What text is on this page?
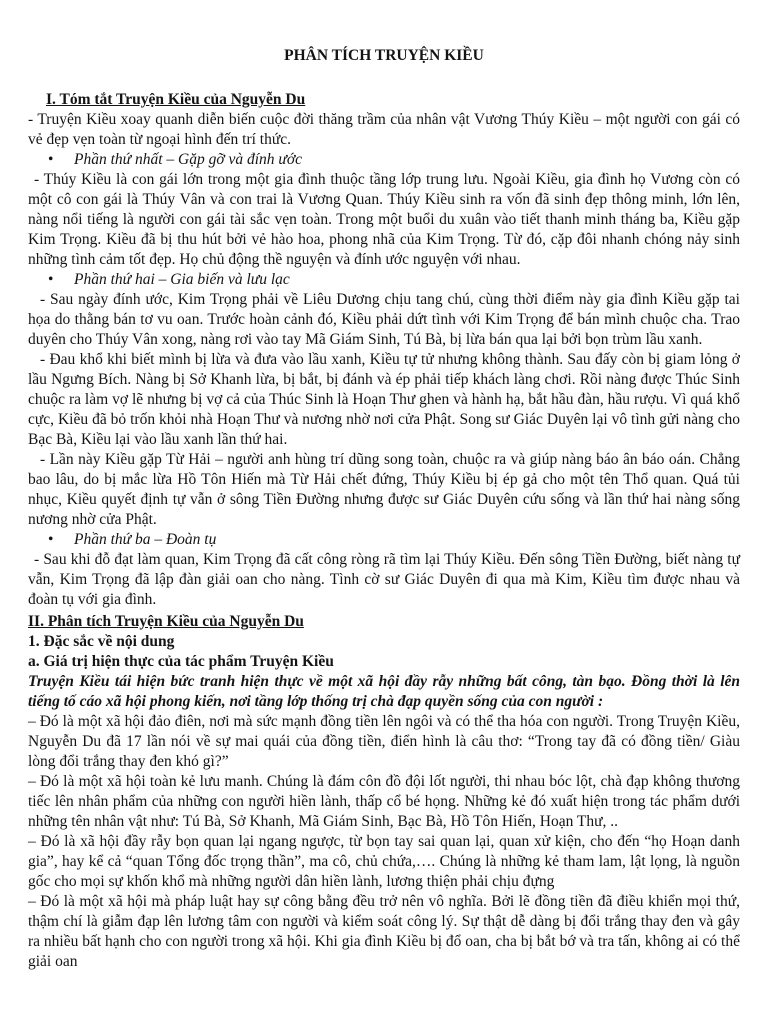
PHÂN TÍCH TRUYỆN KIỀU

I. Tóm tắt Truyện Kiều của Nguyễn Du

- Truyện Kiều xoay quanh diễn biến cuộc đời thăng trầm của nhân vật Vương Thúy Kiều – một người con gái có vẻ đẹp vẹn toàn từ ngoại hình đến trí thức.

•	Phần thứ nhất – Gặp gỡ và đính ước

- Thúy Kiều là con gái lớn trong một gia đình thuộc tầng lớp trung lưu. Ngoài Kiều, gia đình họ Vương còn có một cô con gái là Thúy Vân và con trai là Vương Quan. Thúy Kiều sinh ra vốn đã sinh đẹp thông minh, lớn lên, nàng nổi tiếng là người con gái tài sắc vẹn toàn. Trong một buổi du xuân vào tiết thanh minh tháng ba, Kiều gặp Kim Trọng. Kiều đã bị thu hút bởi vẻ hào hoa, phong nhã của Kim Trọng. Từ đó, cặp đôi nhanh chóng nảy sinh những tình cảm tốt đẹp. Họ chủ động thề nguyện và đính ước nguyện với nhau.

•	Phần thứ hai – Gia biến và lưu lạc

- Sau ngày đính ước, Kim Trọng phải về Liêu Dương chịu tang chú, cùng thời điểm này gia đình Kiều gặp tai họa do thằng bán tơ vu oan. Trước hoàn cảnh đó, Kiều phải dứt tình với Kim Trọng để bán mình chuộc cha. Trao duyên cho Thúy Vân xong, nàng rơi vào tay Mã Giám Sinh, Tú Bà, bị lừa bán qua lại bởi bọn trùm lầu xanh.

- Đau khổ khi biết mình bị lừa và đưa vào lầu xanh, Kiều tự tử nhưng không thành. Sau đấy còn bị giam lỏng ở lầu Ngưng Bích. Nàng bị Sở Khanh lừa, bị bắt, bị đánh và ép phải tiếp khách làng chơi. Rồi nàng được Thúc Sinh chuộc ra làm vợ lẽ nhưng bị vợ cả của Thúc Sinh là Hoạn Thư ghen và hành hạ, bắt hầu đàn, hầu rượu. Vì quá khổ cực, Kiều đã bỏ trốn khỏi nhà Hoạn Thư và nương nhờ nơi cửa Phật. Song sư Giác Duyên lại vô tình gửi nàng cho Bạc Bà, Kiều lại vào lầu xanh lần thứ hai.

- Lần này Kiều gặp Từ Hải – người anh hùng trí dũng song toàn, chuộc ra và giúp nàng báo ân báo oán. Chẳng bao lâu, do bị mắc lừa Hồ Tôn Hiến mà Từ Hải chết đứng, Thúy Kiều bị ép gả cho một tên Thổ quan. Quá tủi nhục, Kiều quyết định tự vẫn ở sông Tiền Đường nhưng được sư Giác Duyên cứu sống và lần thứ hai nàng sống nương nhờ cửa Phật.

•	Phần thứ ba – Đoàn tụ

- Sau khi đỗ đạt làm quan, Kim Trọng đã cất công ròng rã tìm lại Thúy Kiều. Đến sông Tiền Đường, biết nàng tự vẫn, Kim Trọng đã lập đàn giải oan cho nàng. Tình cờ sư Giác Duyên đi qua mà Kim, Kiều tìm được nhau và đoàn tụ với gia đình.

II. Phân tích Truyện Kiều của Nguyễn Du

1. Đặc sắc về nội dung

a. Giá trị hiện thực của tác phẩm Truyện Kiều

Truyện Kiều tái hiện bức tranh hiện thực về một xã hội đầy rẫy những bất công, tàn bạo. Đồng thời là lên tiếng tố cáo xã hội phong kiến, nơi tầng lớp thống trị chà đạp quyền sống của con người :

– Đó là một xã hội đảo điên, nơi mà sức mạnh đồng tiền lên ngôi và có thể tha hóa con người. Trong Truyện Kiều, Nguyễn Du đã 17 lần nói về sự mai quái của đồng tiền, điển hình là câu thơ: “Trong tay đã có đồng tiền/ Giàu lòng đổi trắng thay đen khó gì?”

– Đó là một xã hội toàn kẻ lưu manh. Chúng là đám côn đồ đội lốt người, thi nhau bóc lột, chà đạp không thương tiếc lên nhân phẩm của những con người hiền lành, thấp cổ bé họng. Những kẻ đó xuất hiện trong tác phẩm dưới những tên nhân vật như: Tú Bà, Sở Khanh, Mã Giám Sinh, Bạc Bà, Hồ Tôn Hiến, Hoạn Thư, ..

– Đó là xã hội đầy rẫy bọn quan lại ngang ngược, từ bọn tay sai quan lại, quan xử kiện, cho đến “họ Hoạn danh gia”, hay kể cả “quan Tổng đốc trọng thần”, ma cô, chủ chứa,…. Chúng là những kẻ tham lam, lật lọng, là nguồn gốc cho mọi sự khốn khổ mà những người dân hiền lành, lương thiện phải chịu đựng

– Đó là một xã hội mà pháp luật hay sự công bằng đều trở nên vô nghĩa. Bởi lẽ đồng tiền đã điều khiển mọi thứ, thậm chí là giẫm đạp lên lương tâm con người và kiểm soát công lý. Sự thật dễ dàng bị đổi trắng thay đen và gây ra nhiều bất hạnh cho con người trong xã hội. Khi gia đình Kiều bị đổ oan, cha bị bắt bớ và tra tấn, không ai có thể giải oan
